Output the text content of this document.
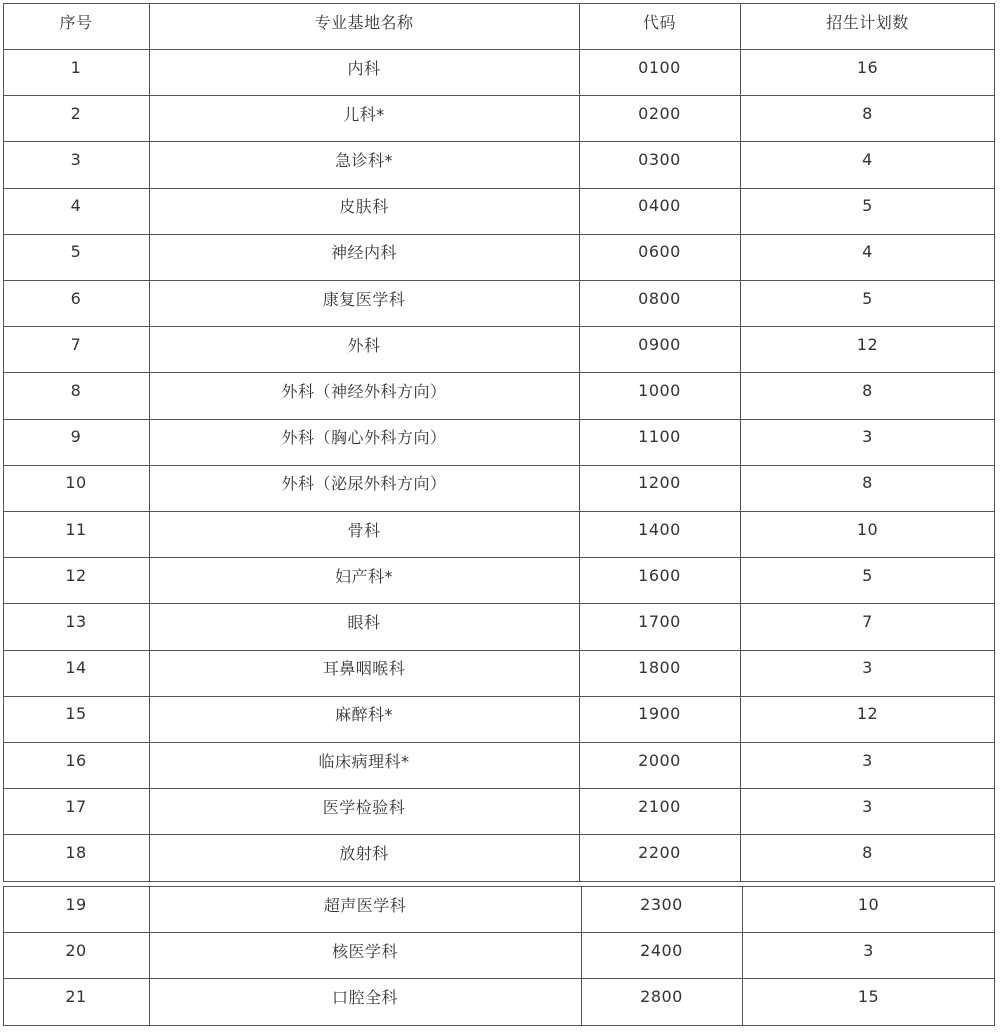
序号	专业基地名称	代码	招生计划数
1	内科	0100	16
2	儿科*	0200	8
3	急诊科*	0300	4
4	皮肤科	0400	5
5	神经内科	0600	4
6	康复医学科	0800	5
7	外科	0900	12
8	外科（神经外科方向）	1000	8
9	外科（胸心外科方向）	1100	3
10	外科（泌尿外科方向）	1200	8
11	骨科	1400	10
12	妇产科*	1600	5
13	眼科	1700	7
14	耳鼻咽喉科	1800	3
15	麻醉科*	1900	12
16	临床病理科*	2000	3
17	医学检验科	2100	3
18	放射科	2200	8
19	超声医学科	2300	10
20	核医学科	2400	3
21	口腔全科	2800	15
